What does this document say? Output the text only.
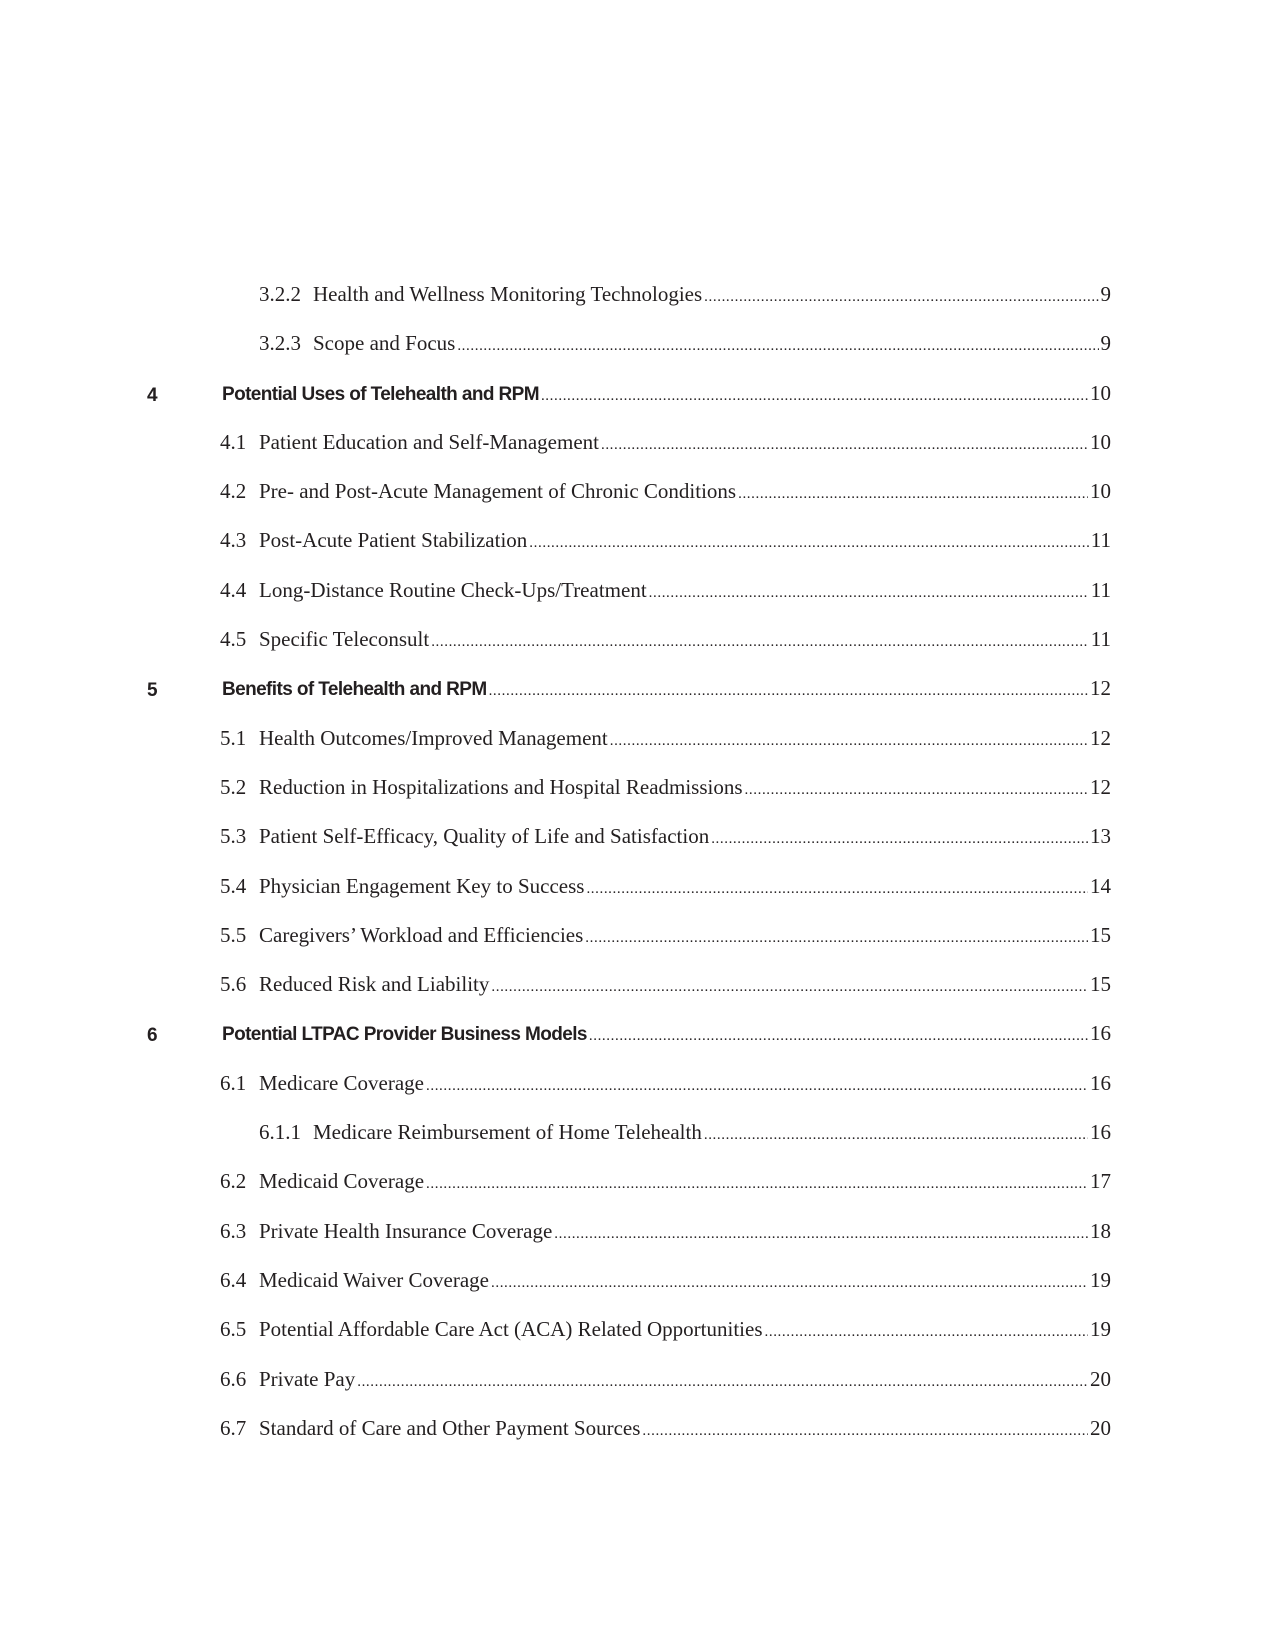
3.2.2 Health and Wellness Monitoring Technologies .....	9
3.2.3 Scope and Focus .....	9
4	Potential Uses of Telehealth and RPM .....	10
4.1 Patient Education and Self-Management .....	10
4.2 Pre- and Post-Acute Management of Chronic Conditions .....	10
4.3 Post-Acute Patient Stabilization .....	11
4.4 Long-Distance Routine Check-Ups/Treatment .....	11
4.5 Specific Teleconsult .....	11
5	Benefits of Telehealth and RPM .....	12
5.1 Health Outcomes/Improved Management .....	12
5.2 Reduction in Hospitalizations and Hospital Readmissions .....	12
5.3 Patient Self-Efficacy, Quality of Life and Satisfaction .....	13
5.4 Physician Engagement Key to Success .....	14
5.5 Caregivers’ Workload and Efficiencies .....	15
5.6 Reduced Risk and Liability .....	15
6	Potential LTPAC Provider Business Models .....	16
6.1 Medicare Coverage .....	16
6.1.1 Medicare Reimbursement of Home Telehealth .....	16
6.2 Medicaid Coverage .....	17
6.3 Private Health Insurance Coverage .....	18
6.4 Medicaid Waiver Coverage .....	19
6.5 Potential Affordable Care Act (ACA) Related Opportunities .....	19
6.6 Private Pay .....	20
6.7 Standard of Care and Other Payment Sources .....	20
